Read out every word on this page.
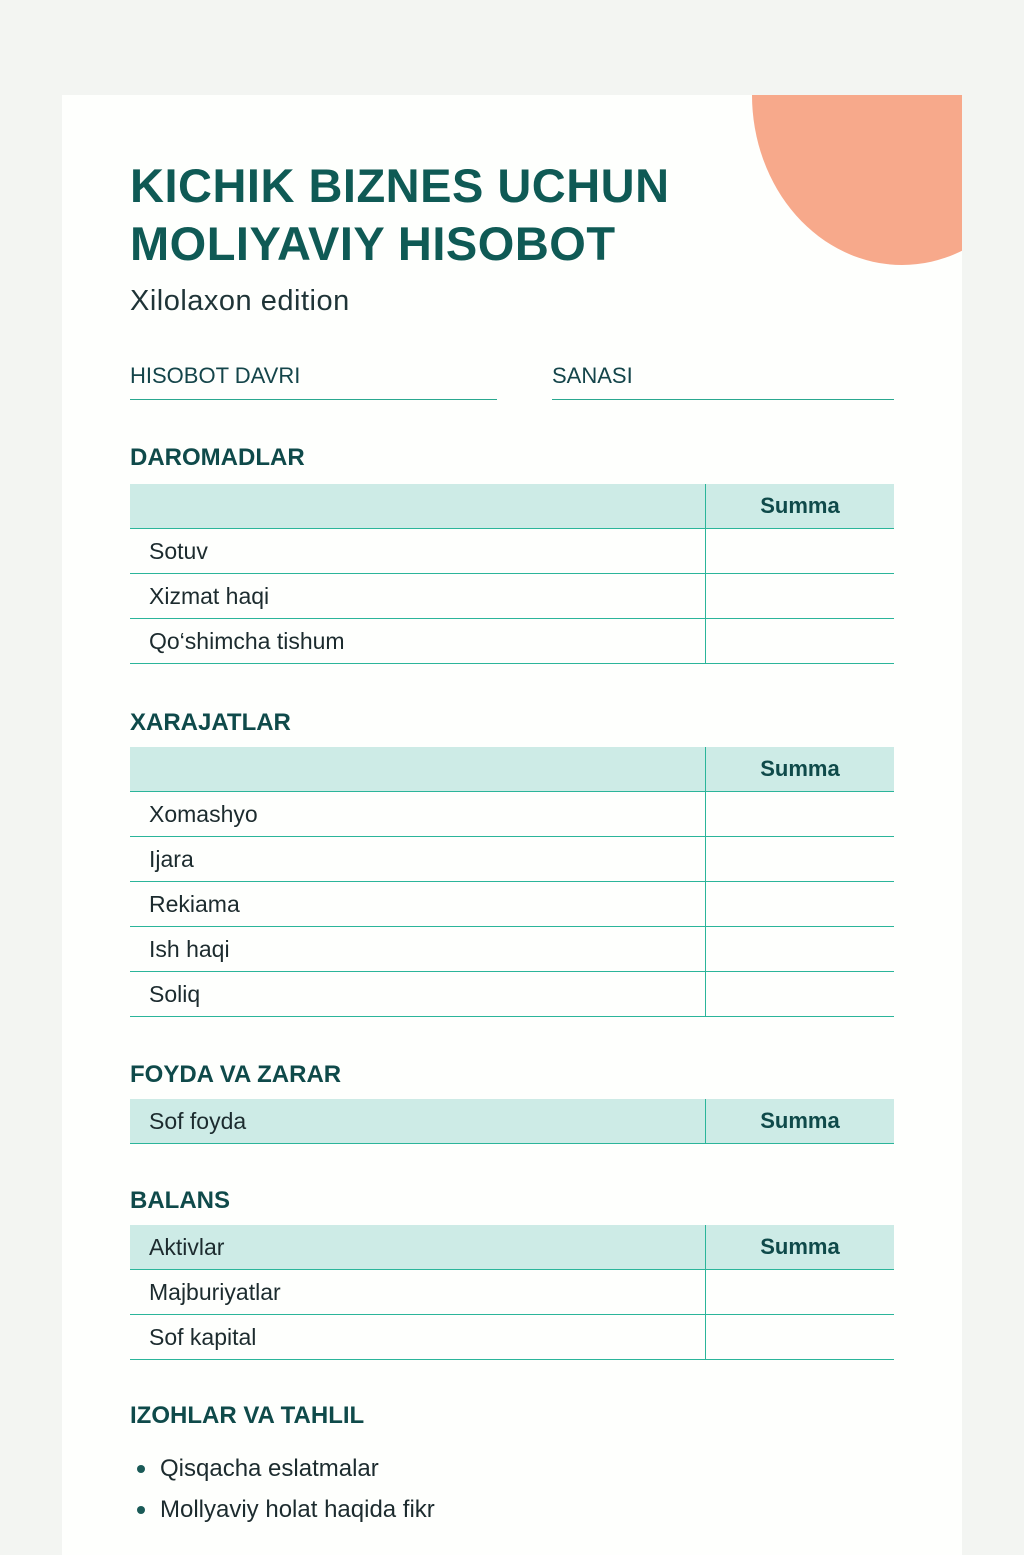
KICHIK BIZNES UCHUN MOLIYAVIY HISOBOT
Xilolaxon edition
HISOBOT DAVRI	SANASI
DAROMADLAR
	Summa
Sotuv	
Xizmat haqi	
Qo‘shimcha tishum	
XARAJATLAR
	Summa
Xomashyo	
Ijara	
Rekiama	
Ish haqi	
Soliq	
FOYDA VA ZARAR
Sof foyda	Summa
BALANS
Aktivlar	Summa
Majburiyatlar	
Sof kapital	
IZOHLAR VA TAHLIL
Qisqacha eslatmalar
Mollyaviy holat haqida fikr
